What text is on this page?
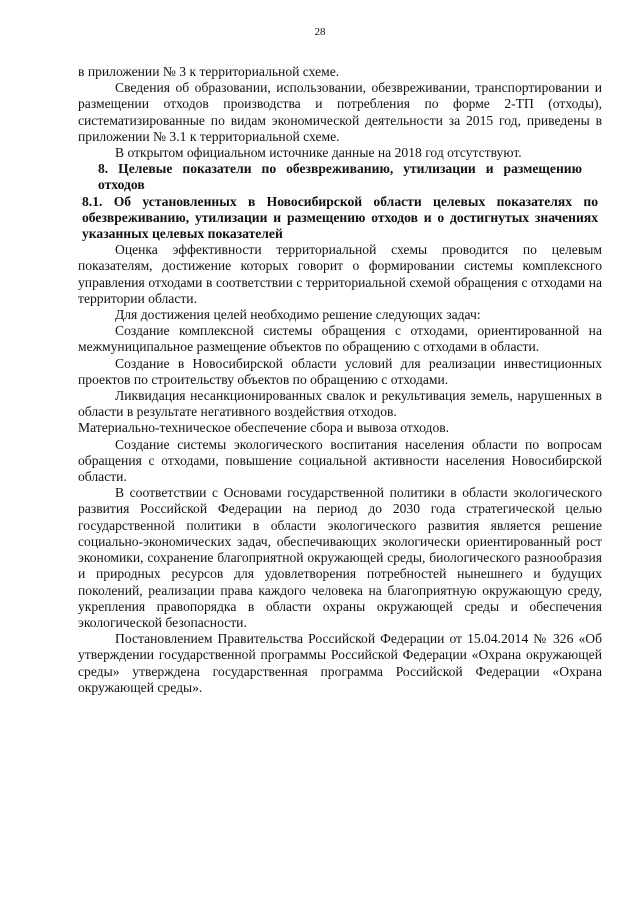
28

в приложении № 3 к территориальной схеме.

Сведения об образовании, использовании, обезвреживании, транспортировании и размещении отходов производства и потребления по форме 2-ТП (отходы), систематизированные по видам экономической деятельности за 2015 год, приведены в приложении № 3.1 к территориальной схеме.

В открытом официальном источнике данные на 2018 год отсутствуют.

8. Целевые показатели по обезвреживанию, утилизации и размещению отходов

8.1. Об установленных в Новосибирской области целевых показателях по обезвреживанию, утилизации и размещению отходов и о достигнутых значениях указанных целевых показателей

Оценка эффективности территориальной схемы проводится по целевым показателям, достижение которых говорит о формировании системы комплексного управления отходами в соответствии с территориальной схемой обращения с отходами на территории области.

Для достижения целей необходимо решение следующих задач:

Создание комплексной системы обращения с отходами, ориентированной на межмуниципальное размещение объектов по обращению с отходами в области.

Создание в Новосибирской области условий для реализации инвестиционных проектов по строительству объектов по обращению с отходами.

Ликвидация несанкционированных свалок и рекультивация земель, нарушенных в области в результате негативного воздействия отходов.

Материально-техническое обеспечение сбора и вывоза отходов.

Создание системы экологического воспитания населения области по вопросам обращения с отходами, повышение социальной активности населения Новосибирской области.

В соответствии с Основами государственной политики в области экологического развития Российской Федерации на период до 2030 года стратегической целью государственной политики в области экологического развития является решение социально-экономических задач, обеспечивающих экологически ориентированный рост экономики, сохранение благоприятной окружающей среды, биологического разнообразия и природных ресурсов для удовлетворения потребностей нынешнего и будущих поколений, реализации права каждого человека на благоприятную окружающую среду, укрепления правопорядка в области охраны окружающей среды и обеспечения экологической безопасности.

Постановлением Правительства Российской Федерации от 15.04.2014 № 326 «Об утверждении государственной программы Российской Федерации «Охрана окружающей среды» утверждена государственная программа Российской Федерации «Охрана окружающей среды».
